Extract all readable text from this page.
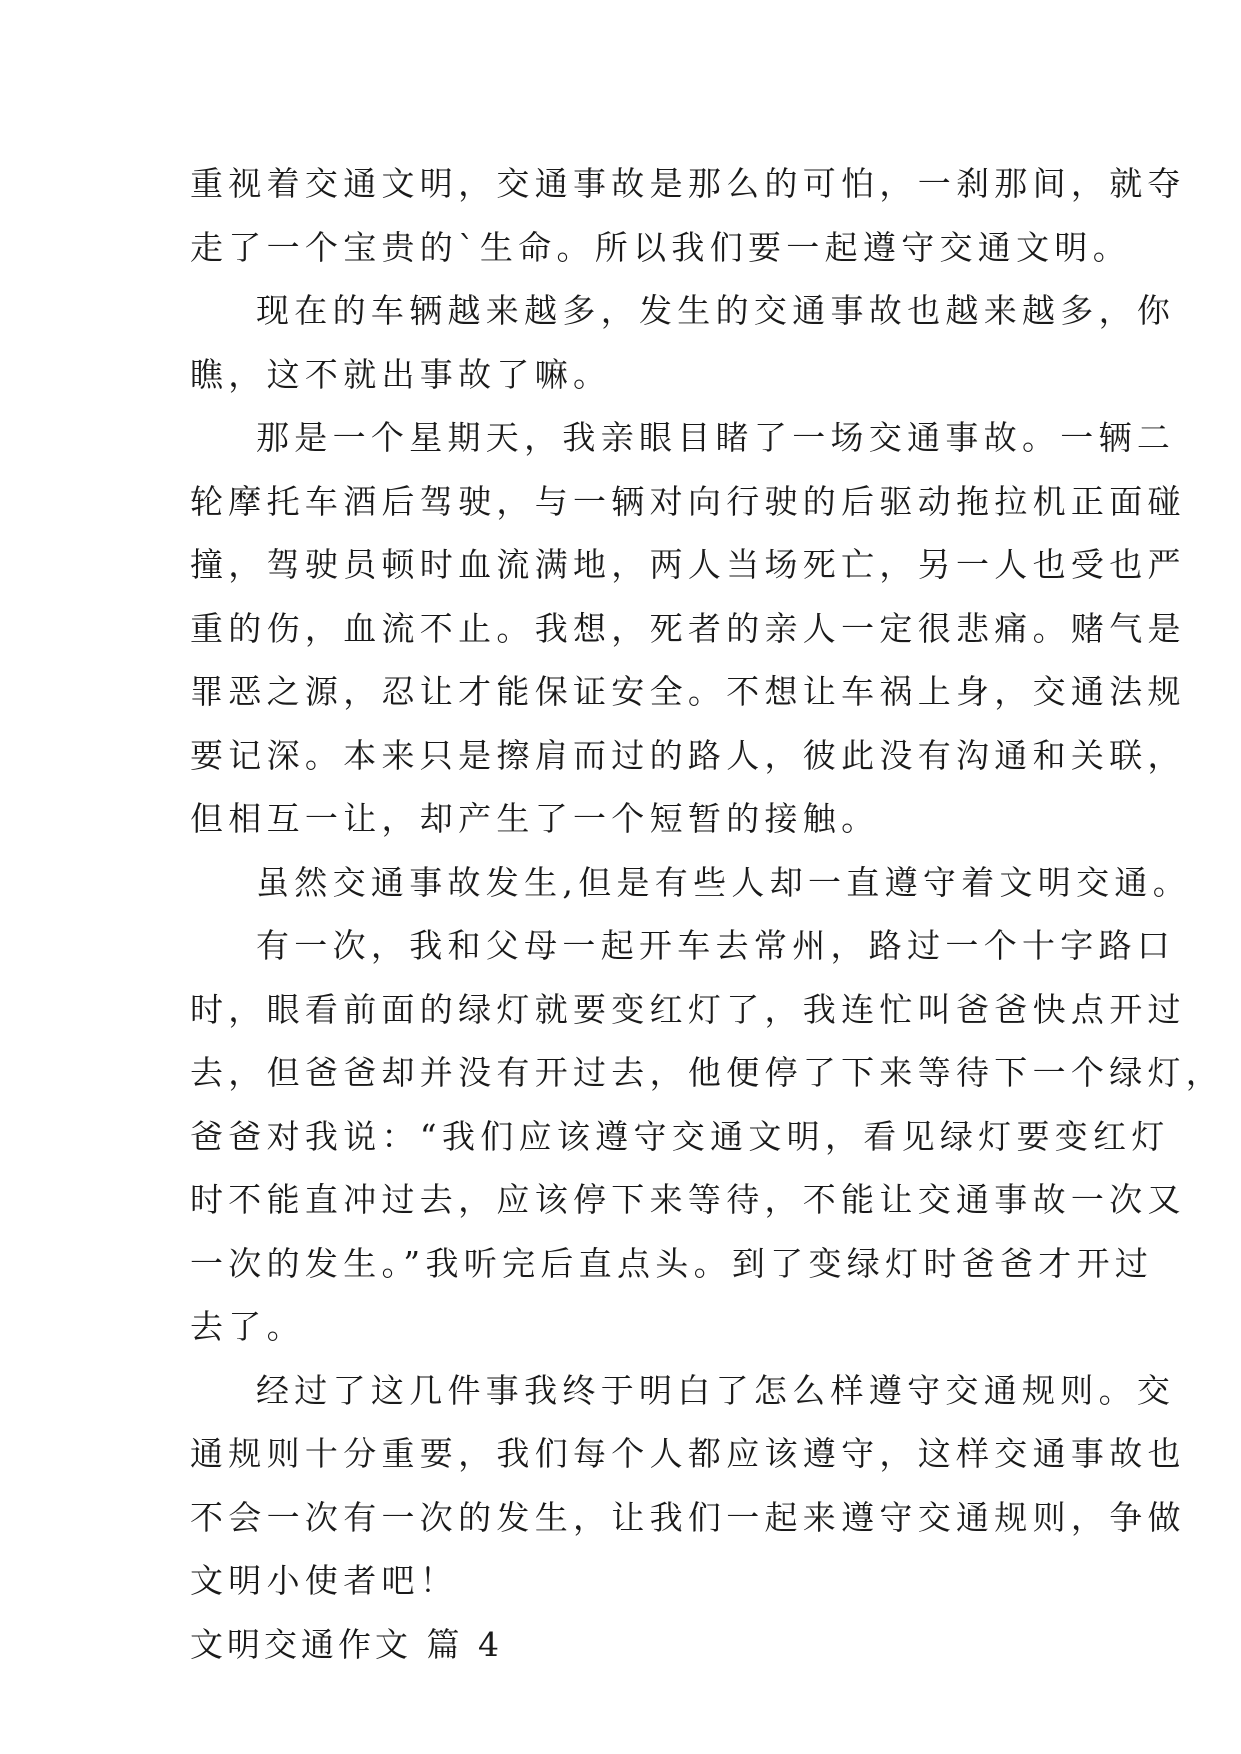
重视着交通文明，交通事故是那么的可怕，一刹那间，就夺
走了一个宝贵的`生命。所以我们要一起遵守交通文明。
现在的车辆越来越多，发生的交通事故也越来越多，你
瞧，这不就出事故了嘛。
那是一个星期天，我亲眼目睹了一场交通事故。一辆二
轮摩托车酒后驾驶，与一辆对向行驶的后驱动拖拉机正面碰
撞，驾驶员顿时血流满地，两人当场死亡，另一人也受也严
重的伤，血流不止。我想，死者的亲人一定很悲痛。赌气是
罪恶之源，忍让才能保证安全。不想让车祸上身，交通法规
要记深。本来只是擦肩而过的路人，彼此没有沟通和关联，
但相互一让，却产生了一个短暂的接触。
虽然交通事故发生,但是有些人却一直遵守着文明交通。
有一次，我和父母一起开车去常州，路过一个十字路口
时，眼看前面的绿灯就要变红灯了，我连忙叫爸爸快点开过
去，但爸爸却并没有开过去，他便停了下来等待下一个绿灯，
爸爸对我说：“我们应该遵守交通文明，看见绿灯要变红灯
时不能直冲过去，应该停下来等待，不能让交通事故一次又
一次的发生。”我听完后直点头。到了变绿灯时爸爸才开过
去了。
经过了这几件事我终于明白了怎么样遵守交通规则。交
通规则十分重要，我们每个人都应该遵守，这样交通事故也
不会一次有一次的发生，让我们一起来遵守交通规则，争做
文明小使者吧！
文明交通作文 篇 4
